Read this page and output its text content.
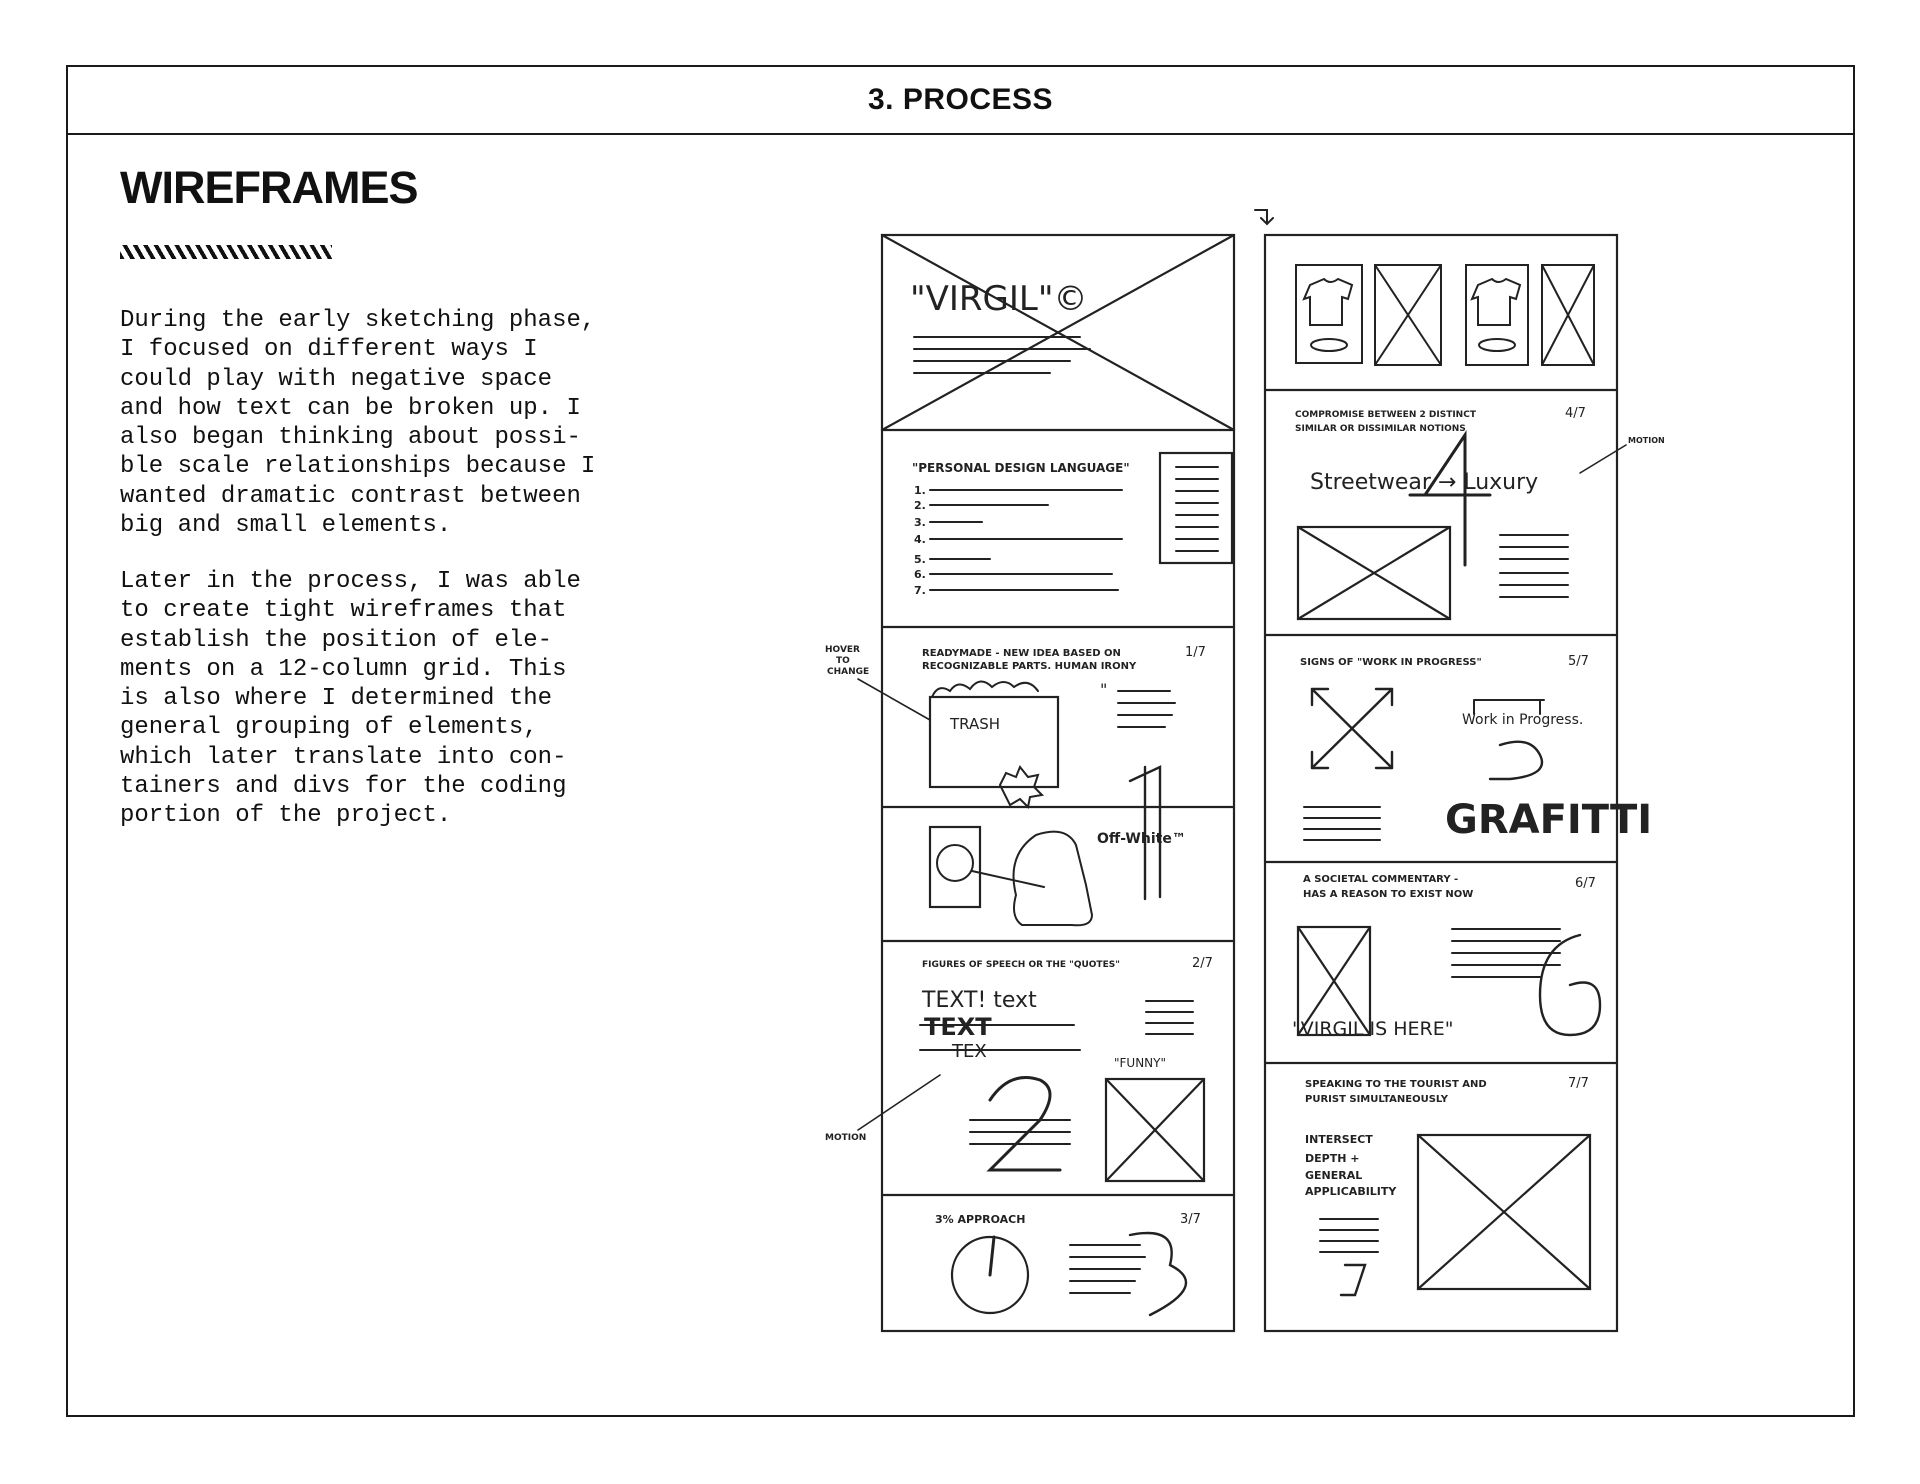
3. PROCESS
WIREFRAMES

During the early sketching phase,
I focused on different ways I
could play with negative space
and how text can be broken up. I
also began thinking about possi-
ble scale relationships because I
wanted dramatic contrast between
big and small elements.

Later in the process, I was able
to create tight wireframes that
establish the position of ele-
ments on a 12-column grid. This
is also where I determined the
general grouping of elements,
which later translate into con-
tainers and divs for the coding
portion of the project.

"VIRGIL"©
"PERSONAL DESIGN LANGUAGE"
1.
2.
3.
4.
5.
6.
7.
READYMADE - NEW IDEA BASED ON
RECOGNIZABLE PARTS. HUMAN IRONY
1/7
TRASH
"
Off-White™
FIGURES OF SPEECH OR THE "QUOTES"	2/7
TEXT! text
TEXT
TEX
"FUNNY"
3% APPROACH	3/7
HOVER
TO
CHANGE
MOTION
COMPROMISE BETWEEN 2 DISTINCT
SIMILAR OR DISSIMILAR NOTIONS
4/7
Streetwear → Luxury
MOTION
SIGNS OF "WORK IN PROGRESS"	5/7
Work in Progress.
GRAFITTI
A SOCIETAL COMMENTARY -
HAS A REASON TO EXIST NOW
6/7
"VIRGIL IS HERE"
SPEAKING TO THE TOURIST AND
PURIST SIMULTANEOUSLY
7/7
INTERSECT
DEPTH +
GENERAL
APPLICABILITY
